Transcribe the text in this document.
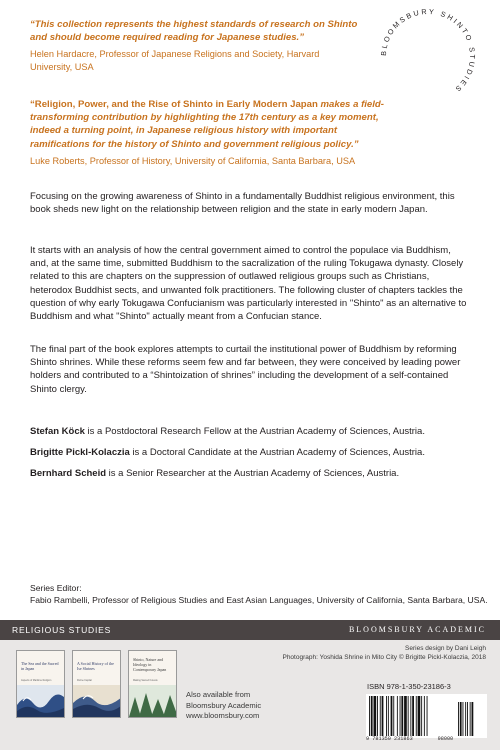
“This collection represents the highest standards of research on Shinto and should become required reading for Japanese studies.”
Helen Hardacre, Professor of Japanese Religions and Society, Harvard University, USA
“Religion, Power, and the Rise of Shinto in Early Modern Japan makes a field-transforming contribution by highlighting the 17th century as a key moment, indeed a turning point, in Japanese religious history with important ramifications for the history of Shinto and government religious policy.”
Luke Roberts, Professor of History, University of California, Santa Barbara, USA
BLOOMSBURY SHINTO STUDIES

Focusing on the growing awareness of Shinto in a fundamentally Buddhist religious environment, this book sheds new light on the relationship between religion and the state in early modern Japan.

It starts with an analysis of how the central government aimed to control the populace via Buddhism, and, at the same time, submitted Buddhism to the sacralization of the ruling Tokugawa dynasty. Closely related to this are chapters on the suppression of outlawed religious groups such as Christians, heterodox Buddhist sects, and unwanted folk practitioners. The following cluster of chapters tackles the question of why early Tokugawa Confucianism was particularly interested in "Shinto" as an alternative to Buddhism and what "Shinto" actually meant from a Confucian stance.

The final part of the book explores attempts to curtail the institutional power of Buddhism by reforming Shinto shrines. While these reforms seem few and far between, they were conceived by leading power holders and contributed to a “Shintoization of shrines” including the development of a self-contained Shinto clergy.

Stefan Köck is a Postdoctoral Research Fellow at the Austrian Academy of Sciences, Austria.
Brigitte Pickl-Kolaczia is a Doctoral Candidate at the Austrian Academy of Sciences, Austria.
Bernhard Scheid is a Senior Researcher at the Austrian Academy of Sciences, Austria.
Series Editor:
Fabio Rambelli, Professor of Religious Studies and East Asian Languages, University of California, Santa Barbara, USA.
RELIGIOUS STUDIES	BLOOMSBURY ACADEMIC
The Sea and the Sacred in Japan
Aspects of Maritime Religion
A Social History of the Ise Shrines
Divine Capital
Shinto, Nature and Ideology in Contemporary Japan
Making Sacred Forests
Also available from
Bloomsbury Academic
www.bloomsbury.com
Series design by Dani Leigh
Photograph: Yoshida Shrine in Mito City © Brigitte Pickl-Kolaczia, 2018
ISBN 978-1-350-23186-3
9 781350 231863	98000
